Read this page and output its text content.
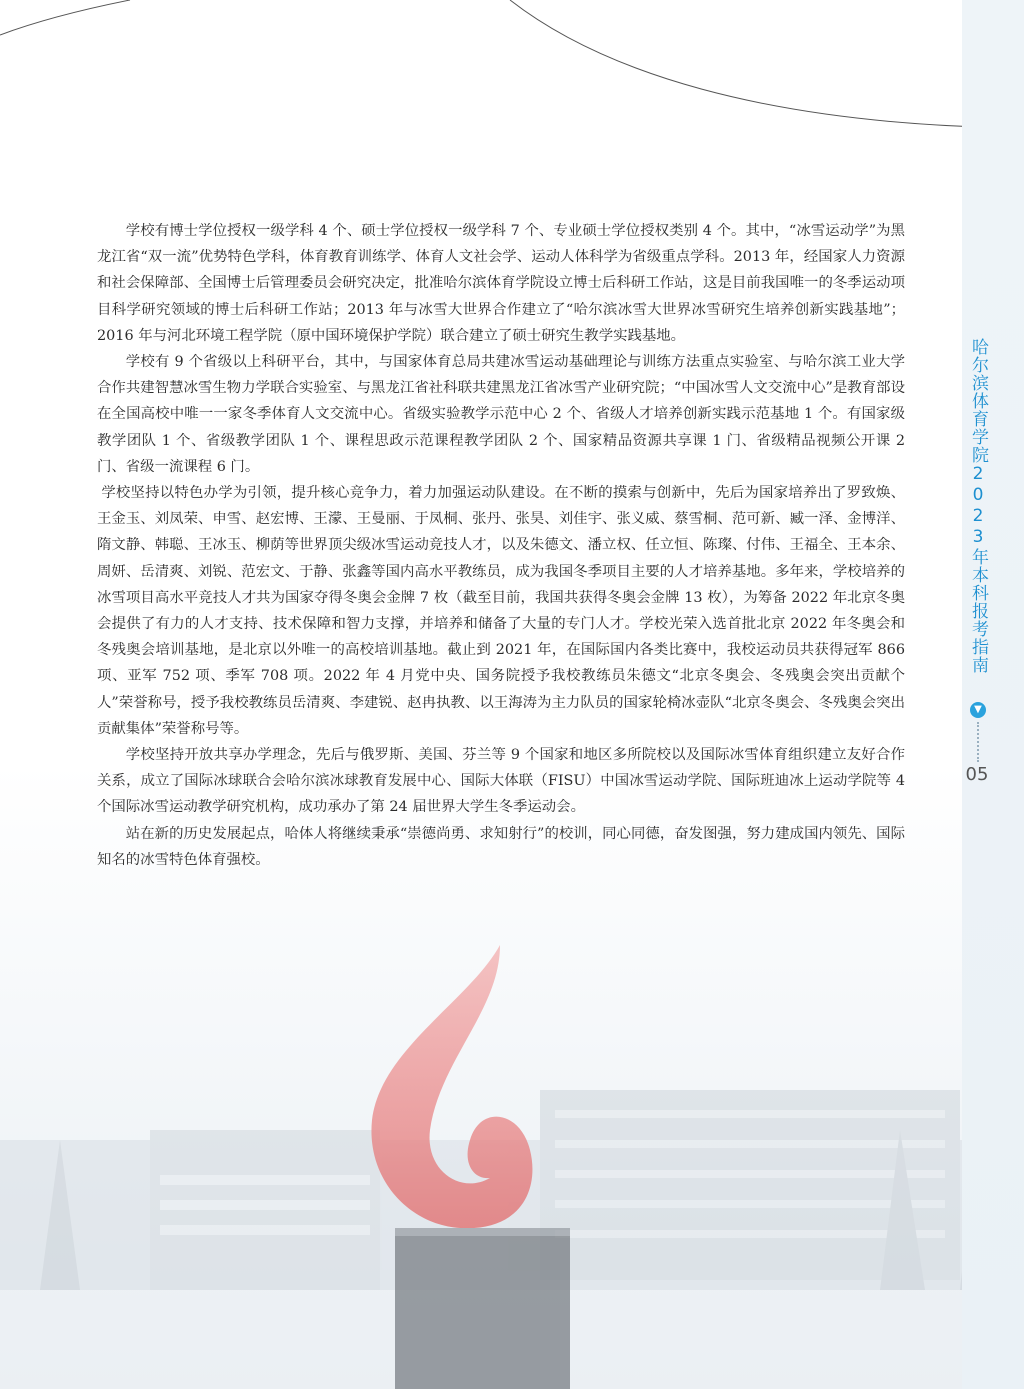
哈尔滨体育学院2023年本科报考指南
▼
05

学校有博士学位授权一级学科 4 个、硕士学位授权一级学科 7 个、专业硕士学位授权类别 4 个。其中，“冰雪运动学”为黑龙江省“双一流”优势特色学科，体育教育训练学、体育人文社会学、运动人体科学为省级重点学科。2013 年，经国家人力资源和社会保障部、全国博士后管理委员会研究决定，批准哈尔滨体育学院设立博士后科研工作站，这是目前我国唯一的冬季运动项目科学研究领域的博士后科研工作站；2013 年与冰雪大世界合作建立了“哈尔滨冰雪大世界冰雪研究生培养创新实践基地”；2016 年与河北环境工程学院（原中国环境保护学院）联合建立了硕士研究生教学实践基地。

学校有 9 个省级以上科研平台，其中，与国家体育总局共建冰雪运动基础理论与训练方法重点实验室、与哈尔滨工业大学合作共建智慧冰雪生物力学联合实验室、与黑龙江省社科联共建黑龙江省冰雪产业研究院；“中国冰雪人文交流中心”是教育部设在全国高校中唯一一家冬季体育人文交流中心。省级实验教学示范中心 2 个、省级人才培养创新实践示范基地 1 个。有国家级教学团队 1 个、省级教学团队 1 个、课程思政示范课程教学团队 2 个、国家精品资源共享课 1 门、省级精品视频公开课 2 门、省级一流课程 6 门。

学校坚持以特色办学为引领，提升核心竞争力，着力加强运动队建设。在不断的摸索与创新中，先后为国家培养出了罗致焕、王金玉、刘凤荣、申雪、赵宏博、王濛、王曼丽、于凤桐、张丹、张昊、刘佳宇、张义威、蔡雪桐、范可新、臧一泽、金博洋、隋文静、韩聪、王冰玉、柳荫等世界顶尖级冰雪运动竞技人才，以及朱德文、潘立权、任立恒、陈璨、付伟、王福全、王本余、周妍、岳清爽、刘锐、范宏文、于静、张鑫等国内高水平教练员，成为我国冬季项目主要的人才培养基地。多年来，学校培养的冰雪项目高水平竞技人才共为国家夺得冬奥会金牌 7 枚（截至目前，我国共获得冬奥会金牌 13 枚），为筹备 2022 年北京冬奥会提供了有力的人才支持、技术保障和智力支撑，并培养和储备了大量的专门人才。学校光荣入选首批北京 2022 年冬奥会和冬残奥会培训基地，是北京以外唯一的高校培训基地。截止到 2021 年，在国际国内各类比赛中，我校运动员共获得冠军 866 项、亚军 752 项、季军 708 项。2022 年 4 月党中央、国务院授予我校教练员朱德文“北京冬奥会、冬残奥会突出贡献个人”荣誉称号，授予我校教练员岳清爽、李建锐、赵冉执教、以王海涛为主力队员的国家轮椅冰壶队“北京冬奥会、冬残奥会突出贡献集体”荣誉称号等。

学校坚持开放共享办学理念，先后与俄罗斯、美国、芬兰等 9 个国家和地区多所院校以及国际冰雪体育组织建立友好合作关系，成立了国际冰球联合会哈尔滨冰球教育发展中心、国际大体联（FISU）中国冰雪运动学院、国际班迪冰上运动学院等 4 个国际冰雪运动教学研究机构，成功承办了第 24 届世界大学生冬季运动会。

站在新的历史发展起点，哈体人将继续秉承“崇德尚勇、求知射行”的校训，同心同德，奋发图强，努力建成国内领先、国际知名的冰雪特色体育强校。
